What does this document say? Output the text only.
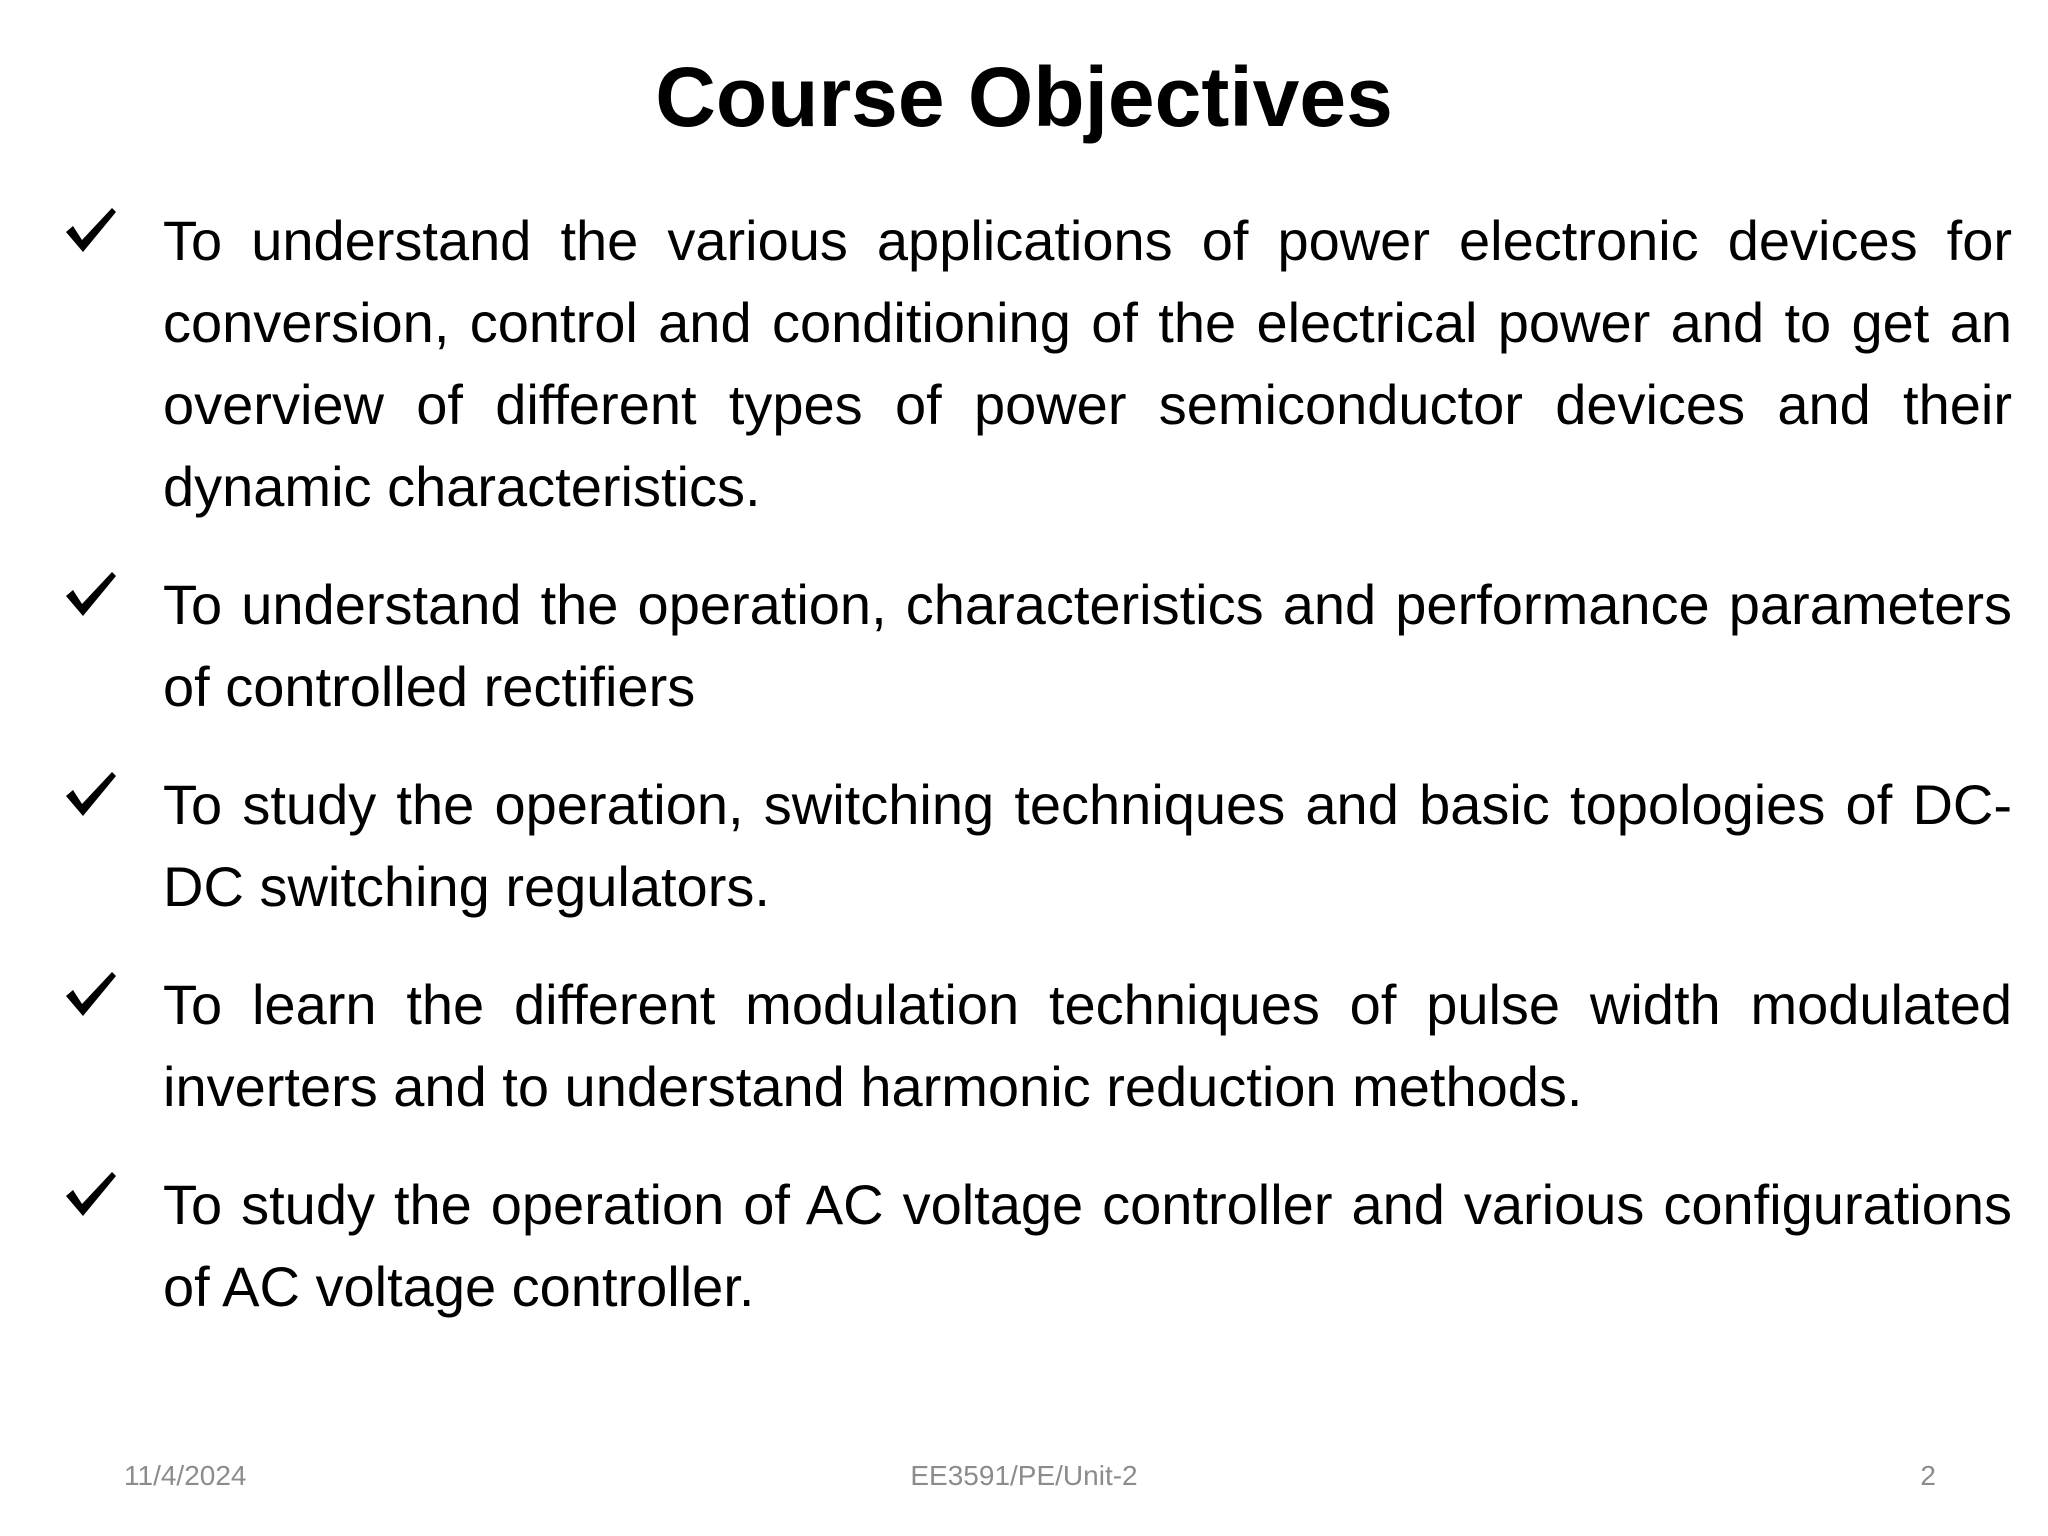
Course Objectives
To understand the various applications of power electronic devices for conversion, control and conditioning of the electrical power and to get an overview of different types of power semiconductor devices and their dynamic characteristics.
To understand the operation, characteristics and performance parameters of controlled rectifiers
To study the operation, switching techniques and basic topologies of DC-DC switching regulators.
To learn the different modulation techniques of pulse width modulated inverters and to understand harmonic reduction methods.
To study the operation of AC voltage controller and various configurations of AC voltage controller.
11/4/2024	EE3591/PE/Unit-2	2
